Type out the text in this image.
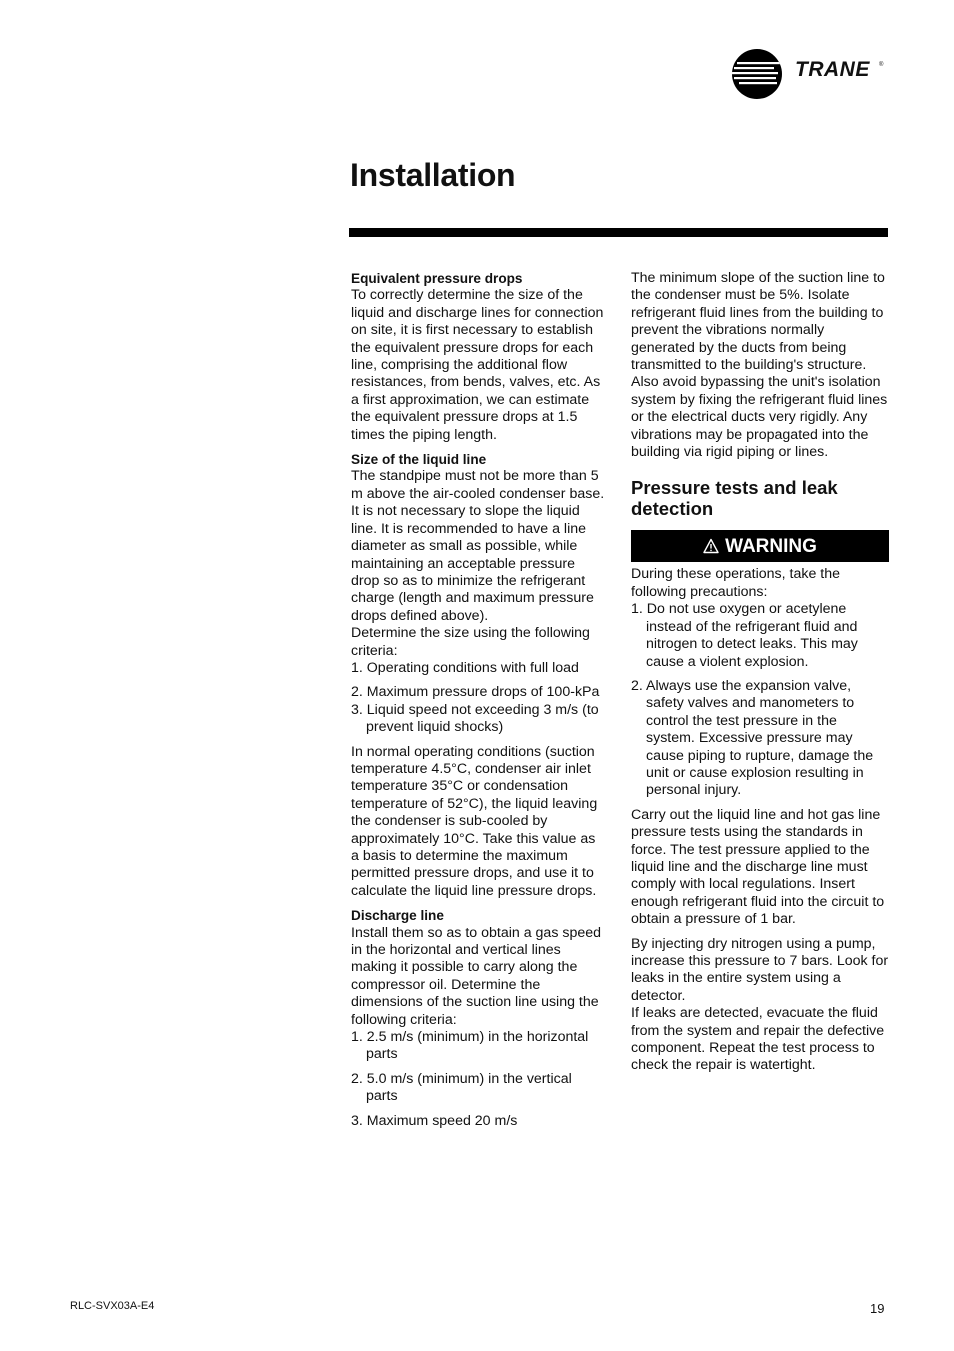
TRANE ®
Installation
Equivalent pressure drops

To correctly determine the size of the liquid and discharge lines for connection on site, it is first necessary to establish the equivalent pressure drops for each line, comprising the additional flow resistances, from bends, valves, etc. As a first approximation, we can estimate the equivalent pressure drops at 1.5 times the piping length.

Size of the liquid line

The standpipe must not be more than 5 m above the air-cooled condenser base. It is not necessary to slope the liquid line. It is recommended to have a line diameter as small as possible, while maintaining an acceptable pressure drop so as to minimize the refrigerant charge (length and maximum pressure drops defined above).

Determine the size using the following criteria:

1. Operating conditions with full load
2. Maximum pressure drops of 100-kPa
3. Liquid speed not exceeding 3 m/s (to prevent liquid shocks)

In normal operating conditions (suction temperature 4.5°C, condenser air inlet temperature 35°C or condensation temperature of 52°C), the liquid leaving the condenser is sub-cooled by approximately 10°C. Take this value as a basis to determine the maximum permitted pressure drops, and use it to calculate the liquid line pressure drops.

Discharge line

Install them so as to obtain a gas speed in the horizontal and vertical lines making it possible to carry along the compressor oil. Determine the dimensions of the suction line using the following criteria:

1. 2.5 m/s (minimum) in the horizontal parts
2. 5.0 m/s (minimum) in the vertical parts
3. Maximum speed 20 m/s

The minimum slope of the suction line to the condenser must be 5%. Isolate refrigerant fluid lines from the building to prevent the vibrations normally generated by the ducts from being transmitted to the building's structure. Also avoid bypassing the unit's isolation system by fixing the refrigerant fluid lines or the electrical ducts very rigidly. Any vibrations may be propagated into the building via rigid piping or lines.

Pressure tests and leak detection
WARNING

During these operations, take the following precautions:

1. Do not use oxygen or acetylene instead of the refrigerant fluid and nitrogen to detect leaks. This may cause a violent explosion.
2. Always use the expansion valve, safety valves and manometers to control the test pressure in the system. Excessive pressure may cause piping to rupture, damage the unit or cause explosion resulting in personal injury.

Carry out the liquid line and hot gas line pressure tests using the standards in force. The test pressure applied to the liquid line and the discharge line must comply with local regulations. Insert enough refrigerant fluid into the circuit to obtain a pressure of 1 bar.

By injecting dry nitrogen using a pump, increase this pressure to 7 bars. Look for leaks in the entire system using a detector.

If leaks are detected, evacuate the fluid from the system and repair the defective component. Repeat the test process to check the repair is watertight.

RLC-SVX03A-E4	19
